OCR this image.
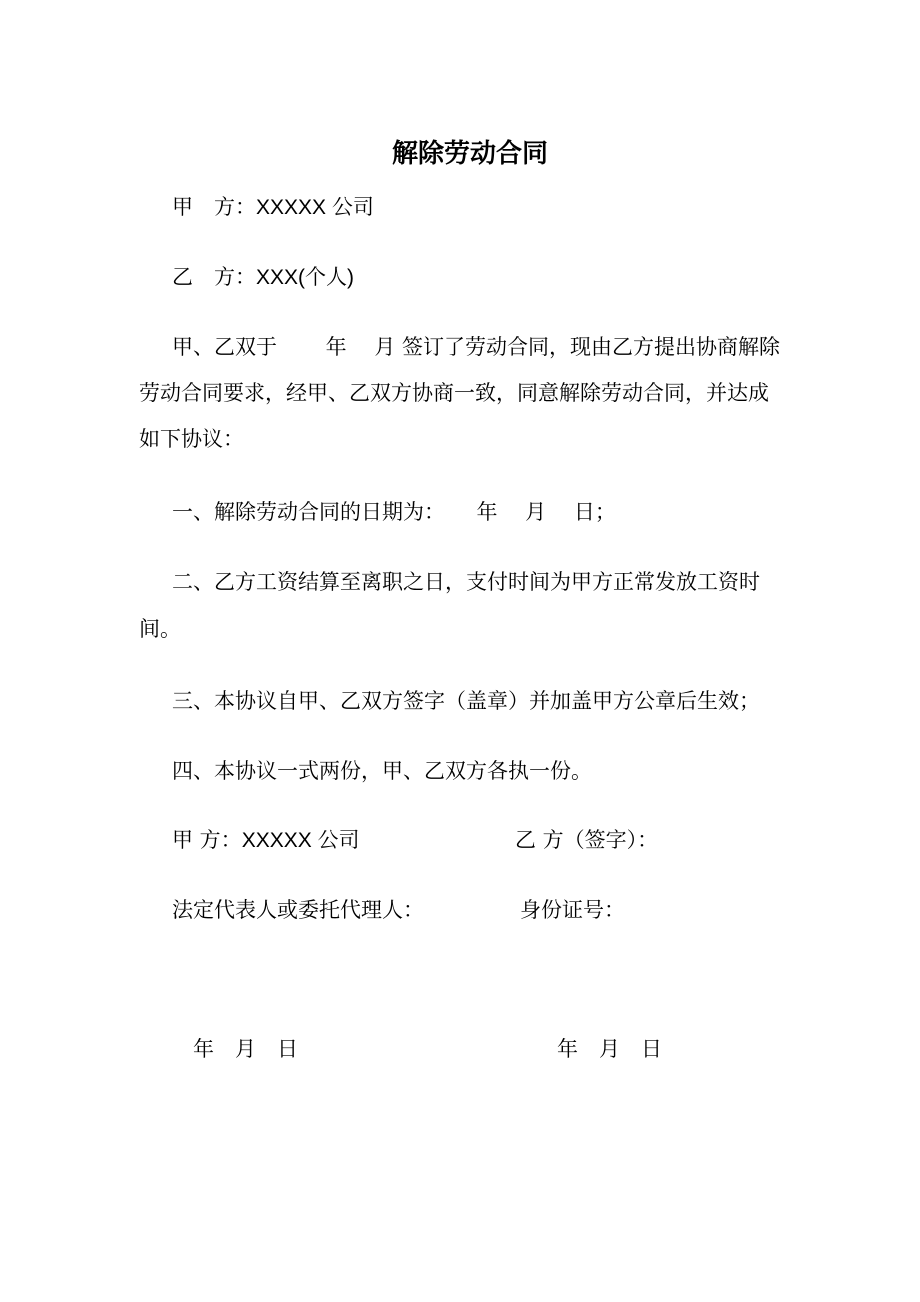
解除劳动合同

甲　方：XXXXX 公司

乙　方：XXX(个人)

甲、乙双于　　 年　 月 签订了劳动合同，现由乙方提出协商解除

劳动合同要求，经甲、乙双方协商一致，同意解除劳动合同，并达成

如下协议：

一、解除劳动合同的日期为：　　年　 月　 日；

二、乙方工资结算至离职之日，支付时间为甲方正常发放工资时

间。

三、本协议自甲、乙双方签字（盖章）并加盖甲方公章后生效；

四、本协议一式两份，甲、乙双方各执一份。

甲 方：XXXXX 公司	乙 方（签字）：

法定代表人或委托代理人：	身份证号：

年　月　日	年　月　日
